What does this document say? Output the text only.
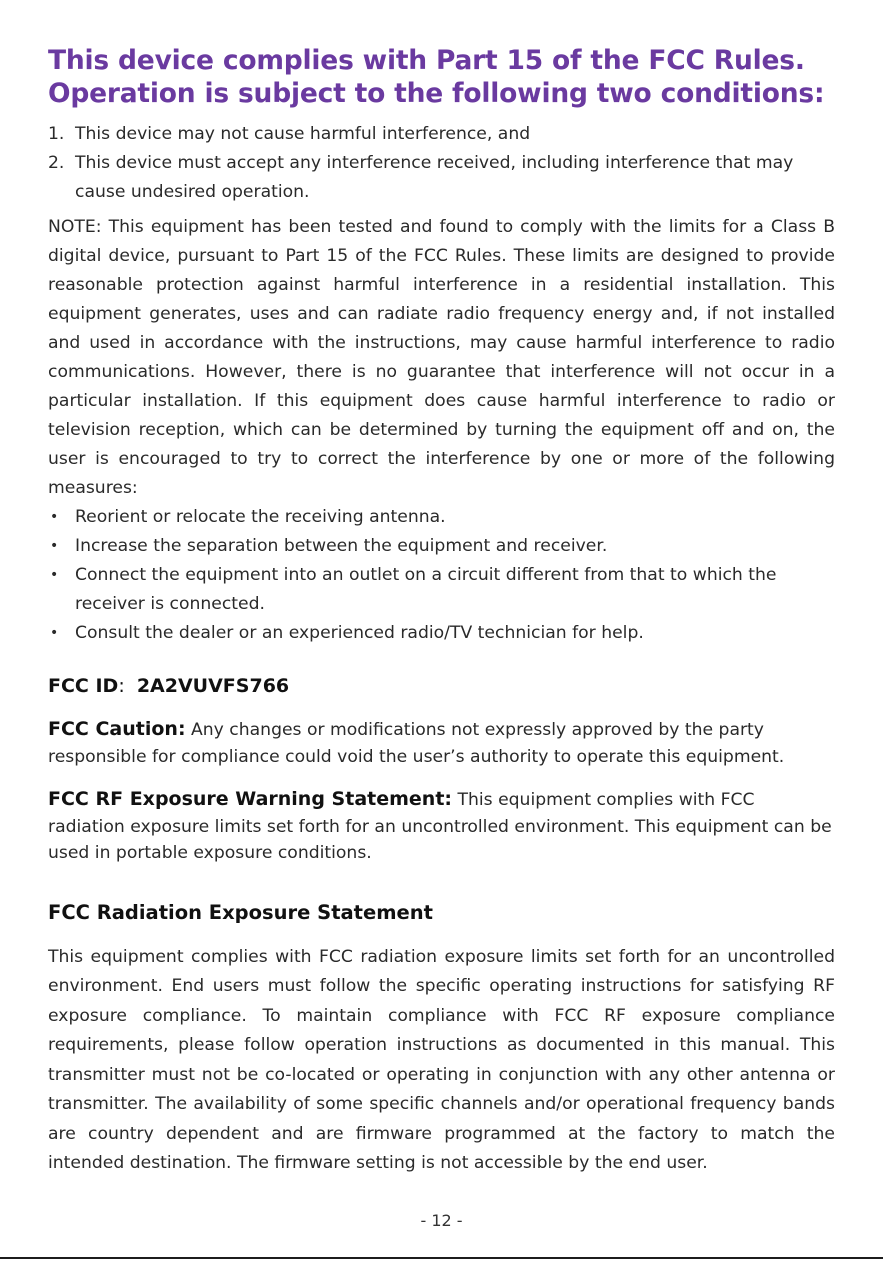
This device complies with Part 15 of the FCC Rules.
Operation is subject to the following two conditions:
1. This device may not cause harmful interference, and
2. This device must accept any interference received, including interference that may cause undesired operation.

NOTE: This equipment has been tested and found to comply with the limits for a Class B digital device, pursuant to Part 15 of the FCC Rules. These limits are designed to provide reasonable protection against harmful interference in a residential installation. This equipment generates, uses and can radiate radio frequency energy and, if not installed and used in accordance with the instructions, may cause harmful interference to radio communications. However, there is no guarantee that interference will not occur in a particular installation. If this equipment does cause harmful interference to radio or television reception, which can be determined by turning the equipment off and on, the user is encouraged to try to correct the interference by one or more of the following measures:

• Reorient or relocate the receiving antenna.
• Increase the separation between the equipment and receiver.
• Connect the equipment into an outlet on a circuit different from that to which the receiver is connected.
• Consult the dealer or an experienced radio/TV technician for help.

FCC ID: 2A2VUVFS766

FCC Caution: Any changes or modifications not expressly approved by the party responsible for compliance could void the user’s authority to operate this equipment.

FCC RF Exposure Warning Statement: This equipment complies with FCC radiation exposure limits set forth for an uncontrolled environment. This equipment can be used in portable exposure conditions.

FCC Radiation Exposure Statement

This equipment complies with FCC radiation exposure limits set forth for an uncontrolled environment. End users must follow the specific operating instructions for satisfying RF exposure compliance. To maintain compliance with FCC RF exposure compliance requirements, please follow operation instructions as documented in this manual. This transmitter must not be co-located or operating in conjunction with any other antenna or transmitter. The availability of some specific channels and/or operational frequency bands are country dependent and are firmware programmed at the factory to match the intended destination. The firmware setting is not accessible by the end user.

- 12 -
